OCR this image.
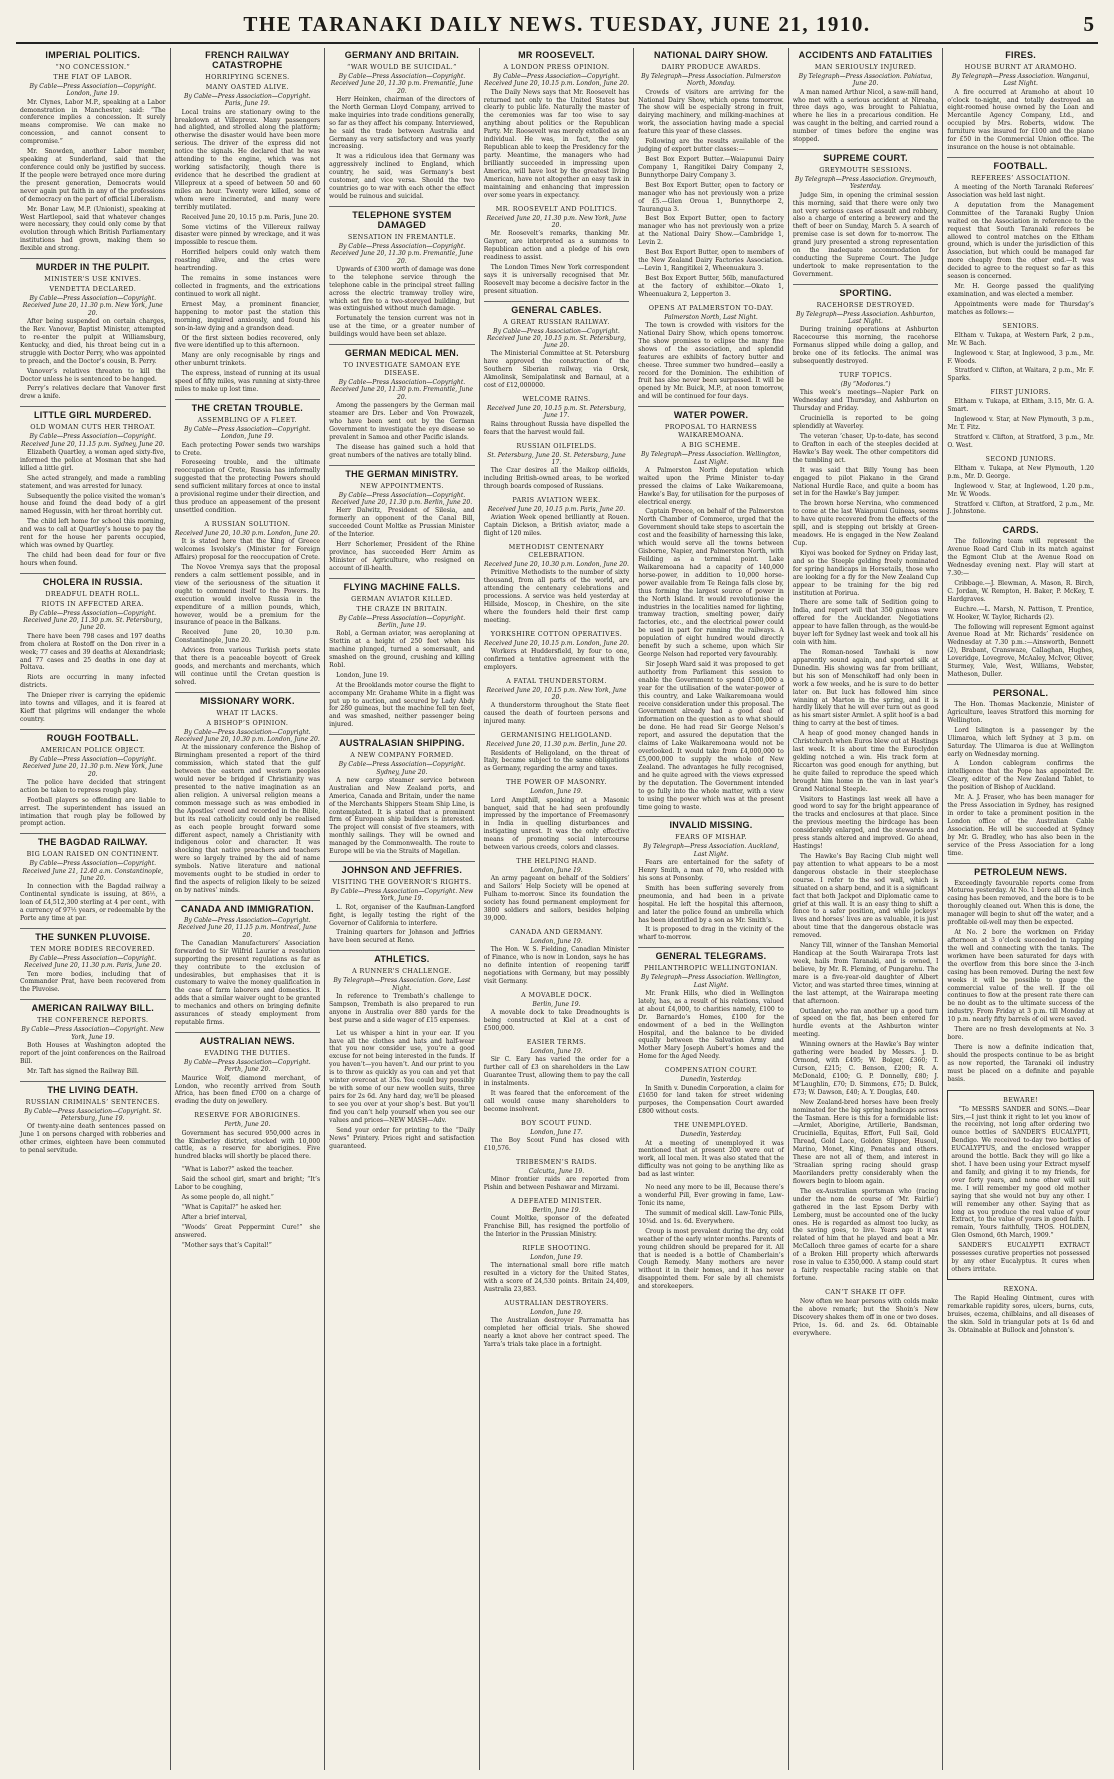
THE TARANAKI DAILY NEWS. TUESDAY, JUNE 21, 1910.	5
IMPERIAL POLITICS.
“NO CONCESSION.”
THE FIAT OF LABOR.
By Cable—Press Association—Copyright. London, June 19.

Mr. Clynes, Labor M.P., speaking at a Labor demonstration in Manchester, said: “The conference implies a concession. It surely means compromise. We can make no concession, and cannot consent to compromise.”

Mr. Snowden, another Labor member, speaking at Sunderland, said that the conference could only be justified by success. If the people were betrayed once more during the present generation, Democrats would never again put faith in any of the professions of democracy on the part of official Liberalism.

Mr. Bonar Law, M.P. (Unionist), speaking at West Hartlepool, said that whatever changes were necessary, they could only come by that evolution through which British Parliamentary institutions had grown, making them so flexible and strong.

MURDER IN THE PULPIT.
MINISTER’S USE KNIVES.
VENDETTA DECLARED.
By Cable—Press Association—Copyright. Received June 20, 11.30 p.m. New York, June 20.

After being suspended on certain charges, the Rev. Vanover, Baptist Minister, attempted to re-enter the pulpit at Williamsburg, Kentucky, and died, his throat being cut in a struggle with Doctor Perry, who was appointed to preach, and the Doctor’s cousin, B. Perry.

Vanover’s relatives threaten to kill the Doctor unless he is sentenced to be hanged.

Perry’s relatives declare that Vanover first drew a knife.

LITTLE GIRL MURDERED.
OLD WOMAN CUTS HER THROAT.
By Cable—Press Association—Copyright. Received June 20, 11.15 p.m. Sydney, June 20.

Elizabeth Quartley, a woman aged sixty-five, informed the police at Mosman that she had killed a little girl.

She acted strangely, and made a rambling statement, and was arrested for lunacy.

Subsequently the police visited the woman’s house and found the dead body of a girl named Hegussin, with her throat horribly cut.

The child left home for school this morning, and was to call at Quartley’s house to pay the rent for the house her parents occupied, which was owned by Quartley.

The child had been dead for four or five hours when found.

CHOLERA IN RUSSIA.
DREADFUL DEATH ROLL.
RIOTS IN AFFECTED AREA.
By Cable—Press Association—Copyright. Received June 20, 11.30 p.m. St. Petersburg, June 20.

There have been 798 cases and 197 deaths from cholera at Rostoff on the Don river in a week; 77 cases and 39 deaths at Alexandriask; and 77 cases and 25 deaths in one day at Poltava.

Riots are occurring in many infected districts.

The Dnieper river is carrying the epidemic into towns and villages, and it is feared at Kieff that pilgrims will endanger the whole country.

ROUGH FOOTBALL.
AMERICAN POLICE OBJECT.
By Cable—Press Association—Copyright. Received June 20, 11.30 p.m. New York, June 20.

The police have decided that stringent action be taken to repress rough play.

Football players so offending are liable to arrest. The superintendent has issued an intimation that rough play be followed by prompt action.

THE BAGDAD RAILWAY.
BIG LOAN RAISED ON CONTINENT.
By Cable—Press Association—Copyright. Received June 21, 12.40 a.m. Constantinople, June 20.

In connection with the Bagdad railway a Continental syndicate is issuing, at 86½, a loan of £4,512,300 sterling at 4 per cent., with a currency of 97½ years, or redeemable by the Porte any time at par.

THE SUNKEN PLUVOISE.
TEN MORE BODIES RECOVERED.
By Cable—Press Association—Copyright. Received June 20, 11.30 p.m. Paris, June 20.

Ten more bodies, including that of Commander Prat, have been recovered from the Pluvoise.

AMERICAN RAILWAY BILL.
THE CONFERENCE REPORTS.
By Cable—Press Association—Copyright. New York, June 19.

Both Houses at Washington adopted the report of the joint conferences on the Railroad Bill.

Mr. Taft has signed the Railway Bill.

THE LIVING DEATH.
RUSSIAN CRIMINALS’ SENTENCES.
By Cable—Press Association—Copyright. St. Petersburg, June 19.

Of twenty-nine death sentences passed on June 1 on persons charged with robberies and other crimes, eighteen have been commuted to penal servitude.

FRENCH RAILWAY CATASTROPHE
HORRIFYING SCENES.
MANY OASTED ALIVE.
By Cable—Press Association—Copyright. Paris, June 19.

Local trains are stationary owing to the breakdown at Villepreux. Many passengers had alighted, and strolled along the platform; otherwise the disaster would have been more serious. The driver of the express did not notice the signals. He declared that he was attending to the engine, which was not working satisfactorily, though there is evidence that he described the gradient at Villepreux at a speed of between 50 and 60 miles an hour. Twenty were killed, some of whom were incinerated, and many were terribly mutilated.

Received June 20, 10.15 p.m. Paris, June 20.

Some victims of the Villereux railway disaster were pinned by wreckage, and it was impossible to rescue them.

Horrified helpers could only watch them roasting alive, and the cries were heartrending.

The remains in some instances were collected in fragments, and the extrications continued to work all night.

Ernest May, a prominent financier, happening to motor past the station this morning, inquired anxiously, and found his son-in-law dying and a grandson dead.

Of the first sixteen bodies recovered, only five were identified up to this afternoon.

Many are only recognisable by rings and other unburnt trinkets.

The express, instead of running at its usual speed of fifty miles, was running at sixty-three miles to make up lost time.

THE CRETAN TROUBLE.
ASSEMBLING OF A FLEET.
By Cable—Press Association—Copyright. London, June 19.

Each protecting Power sends two warships to Crete.

Foreseeing trouble, and the ultimate reoccupation of Crete, Russia has informally suggested that the protecting Powers should send sufficient military forces at once to instal a provisional regime under their direction, and thus produce an appeasement of the present unsettled condition.

A RUSSIAN SOLUTION.
Received June 20, 10.30 p.m. London, June 20.

It is stated here that the King of Greece welcomes Isvolsky’s (Minister for Foreign Affairs) proposal for the reoccupation of Crete.

The Novoe Vremya says that the proposal renders a calm settlement possible, and in view of the seriousness of the situation it ought to commend itself to the Powers. Its execution would involve Russia in the expenditure of a million pounds, which, however, would be a premium for the insurance of peace in the Balkans.

Received June 20, 10.30 p.m. Constantinople, June 20.

Advices from various Turkish ports state that there is a peaceable boycott of Greek goods, and merchants and merchants, which will continue until the Cretan question is solved.

MISSIONARY WORK.
WHAT IT LACKS.
A BISHOP’S OPINION.
By Cable—Press Association—Copyright. Received June 20, 10.30 p.m. London, June 20.

At the missionary conference the Bishop of Birmingham presented a report of the third commission, which stated that the gulf between the eastern and western peoples would never be bridged if Christianity was presented to the native imagination as an alien religion. A universal religion means a common message such as was embodied in the Apostles’ creed and recorded in the Bible, but its real catholicity could only be realised as each people brought forward some different aspect, namely a Christianity with indigenous color and character. It was shocking that native preachers and teachers were so largely trained by the aid of name symbols. Native literature and national movements ought to be studied in order to find the aspects of religion likely to be seized on by natives’ minds.

CANADA AND IMMIGRATION.
By Cable—Press Association—Copyright. Received June 20, 11.15 p.m. Montreal, June 20.

The Canadian Manufacturers’ Association forwarded to Sir Wilfrid Laurier a resolution supporting the present regulations as far as they contribute to the exclusion of undesirables, but emphasises that it is customary to waive the money qualification in the case of farm laborers and domestics. It adds that a similar waiver ought to be granted to mechanics and others on bringing definite assurances of steady employment from reputable firms.

AUSTRALIAN NEWS.
EVADING THE DUTIES.
By Cable—Press Association—Copyright. Perth, June 20.

Maurice Wolf, diamond merchant, of London, who recently arrived from South Africa, has been fined £700 on a charge of evading the duty on jewellery.

RESERVE FOR ABORIGINES.
Perth, June 20.

Government has secured 950,000 acres in the Kimberley district, stocked with 10,000 cattle, as a reserve for aborigines. Five hundred blacks will shortly be placed there.

“What is Labor?” asked the teacher.

Said the school girl, smart and bright; “It’s Labor to be coughing,

As some people do, all night.”

“What is Capital?” he asked her.

After a brief interval,

“Woods’ Great Peppermint Cure!” she answered.

“Mother says that’s Capital!”

GERMANY AND BRITAIN.
“WAR WOULD BE SUICIDAL.”
By Cable—Press Association—Copyright. Received June 20, 11.30 p.m. Fremantle, June 20.

Herr Heinken, chairman of the directors of the North German Lloyd Company, arrived to make inquiries into trade conditions generally, so far as they affect his company. Interviewed, he said the trade between Australia and Germany as very satisfactory and was yearly increasing.

It was a ridiculous idea that Germany was aggressively inclined to England, which country, he said, was Germany’s best customer, and vice versa. Should the two countries go to war with each other the effect would be ruinous and suicidal.

TELEPHONE SYSTEM DAMAGED
SENSATION IN FREMANTLE.
By Cable—Press Association—Copyright. Received June 20, 11.30 p.m. Fremantle, June 20.

Upwards of £300 worth of damage was done to the telephone service through the telephone cable in the principal street falling across the electric tramway trolley wire, which set fire to a two-storeyed building, but was extinguished without much damage.

Fortunately the tension current was not in use at the time, or a greater number of buildings would have been set ablaze.

GERMAN MEDICAL MEN.
TO INVESTIGATE SAMOAN EYE DISEASE.
By Cable—Press Association—Copyright. Received June 20, 11.30 p.m. Fremantle, June 20.

Among the passengers by the German mail steamer are Drs. Leber and Von Prowazek, who have been sent out by the German Government to investigate the eye disease so prevalent in Samoa and other Pacific islands.

The disease has gained such a hold that great numbers of the natives are totally blind.

THE GERMAN MINISTRY.
NEW APPOINTMENTS.
By Cable—Press Association—Copyright. Received June 20, 11.30 p.m. Berlin, June 20.

Herr Dalwitz, President of Silesia, and formerly an opponent of the Canal Bill, succeeded Count Moltke as Prussian Minister of the Interior.

Herr Schorlemer, President of the Rhine province, has succeeded Herr Arnim as Minister of Agriculture, who resigned on account of ill-health.

FLYING MACHINE FALLS.
GERMAN AVIATOR KILLED.
THE CRAZE IN BRITAIN.
By Cable—Press Association—Copyright. Berlin, June 19.

Robl, a German aviator, was aeroplaning at Stettin at a height of 250 feet when his machine plunged, turned a somersault, and smashed on the ground, crushing and killing Robl.

London, June 19.

At the Brooklands motor course the flight to accompany Mr. Grahame White in a flight was put up to auction, and secured by Lady Abdy for 280 guineas, but the machine fell ten feet, and was smashed, neither passenger being injured.

AUSTRALASIAN SHIPPING.
A NEW COMPANY FORMED.
By Cable—Press Association—Copyright. Sydney, June 20.

A new cargo steamer service between Australian and New Zealand ports, and America, Canada and Britain, under the name of the Merchants Shippers Steam Ship Line, is contemplated. It is stated that a prominent firm of European ship builders is interested. The project will consist of five steamers, with monthly sailings. They will be owned and managed by the Commonwealth. The route to Europe will be via the Straits of Magellan.

JOHNSON AND JEFFRIES.
VISITING THE GOVERNOR’S RIGHTS.
By Cable—Press Association—Copyright. New York, June 19.

L. Rot, organiser of the Kaufman-Langford fight, is legally testing the right of the Governor of California to interfere.

Training quarters for Johnson and Jeffries have been secured at Reno.

ATHLETICS.
A RUNNER’S CHALLENGE.
By Telegraph—Press Association. Gore, Last Night.

In reference to Trembath’s challenge to Sampson, Trembath is also prepared to run anyone in Australia over 880 yards for the best purse and a side wager of £15 expenses.

Let us whisper a hint in your ear. If you have all the clothes and hats and half-wear that you now consider use, you’re a good excuse for not being interested in the funds. If you haven’t—you haven’t. And our print to you is to throw as quickly as you can and yet that winter overcoat at 35s. You could buy possibly be with some of our new woollen suits, three pairs for 2s 6d. Any hard day, we’ll be pleased to see you over at your shop’s best. But you’ll find you can’t help yourself when you see our values and prices—NEW MASH—Adv.

Send your order for printing to the “Daily News” Printery. Prices right and satisfaction guaranteed.

MR ROOSEVELT.
A LONDON PRESS OPINION.
By Cable—Press Association—Copyright. Received June 20, 10.15 p.m. London, June 20.

The Daily News says that Mr. Roosevelt has returned not only to the United States but clearly to public life. Naturally the master of the ceremonies was far too wise to say anything about politics or the Republican Party. Mr. Roosevelt was merely extolled as an individual. He was, in fact, the only Republican able to keep the Presidency for the party. Meantime, the managers who had brilliantly succeeded in impressing upon America, will have lost by the greatest living American, have not altogether an easy task in maintaining and enhancing that impression over some years in expectancy.

MR. ROOSEVELT AND POLITICS.
Received June 20, 11.30 p.m. New York, June 20.

Mr. Roosevelt’s remarks, thanking Mr. Gaynor, are interpreted as a summons to Republican action and a pledge of his own readiness to assist.

The London Times New York correspondent says it is universally recognised that Mr. Roosevelt may become a decisive factor in the present situation.

GENERAL CABLES.
A GREAT RUSSIAN RAILWAY.
By Cable—Press Association—Copyright. Received June 20, 10.15 p.m. St. Petersburg, June 20.

The Ministerial Committee at St. Petersburg have approved the construction of the Southern Siberian railway, via Orsk, Akmolinsk, Semipalatinsk and Barnaul, at a cost of £12,000000.

WELCOME RAINS.
Received June 20, 10.15 p.m. St. Petersburg, June 17.

Rains throughout Russia have dispelled the fears that the harvest would fail.

RUSSIAN OILFIELDS.
St. Petersburg, June 20. St. Petersburg, June 17.

The Czar desires all the Maikop oilfields, including British-owned areas, to be worked through boards composed of Russians.

PARIS AVIATION WEEK.
Received June 20, 10.15 p.m. Paris, June 20.

Aviation Week opened brilliantly at Rouen. Captain Dickson, a British aviator, made a flight of 120 miles.

METHODIST CENTENARY CELEBRATION.
Received June 20, 10.30 p.m. London, June 20.

Primitive Methodists to the number of sixty thousand, from all parts of the world, are attending the centenary celebrations and processions. A service was held yesterday at Hillside, Moscop, in Cheshire, on the site where the founders held their first camp meeting.

YORKSHIRE COTTON OPERATIVES.
Received June 20, 10.15 p.m. London, June 20.

Workers at Huddersfield, by four to one, confirmed a tentative agreement with the employers.

A FATAL THUNDERSTORM.
Received June 20, 10.15 p.m. New York, June 20.

A thunderstorm throughout the State fleet caused the death of fourteen persons and injured many.

GERMANISING HELIGOLAND.
Received June 20, 11.30 p.m. Berlin, June 20.

Residents of Heligoland, on the threat of Italy, became subject to the same obligations as Germany, regarding the army and taxes.

THE POWER OF MASONRY.
London, June 19.

Lord Ampthill, speaking at a Masonic banquet, said that he had seen profoundly impressed by the importance of Freemasonry in India in quelling disturbances and instigating unrest. It was the only effective means of promoting social intercourse between various creeds, colors and classes.

THE HELPING HAND.
London, June 19.

An army pageant on behalf of the Soldiers’ and Sailors’ Help Society will be opened at Fulham to-morrow. Since its foundation the society has found permanent employment for 3800 soldiers and sailors, besides helping 39,000.

CANADA AND GERMANY.
London, June 19.

The Hon. W. S. Fielding, Canadian Minister of Finance, who is now in London, says he has no definite intention of reopening tariff negotiations with Germany, but may possibly visit Germany.

A MOVABLE DOCK.
Berlin, June 19.

A movable dock to take Dreadnoughts is being constructed at Kiel at a cost of £500,000.

EASIER TERMS.
London, June 19.

Sir C. Eary has varied the order for a further call of £3 on shareholders in the Law Guarantee Trust, allowing them to pay the call in instalments.

It was feared that the enforcement of the call would cause many shareholders to become insolvent.

BOY SCOUT FUND.
London, June 17.

The Boy Scout Fund has closed with £10,576.

TRIBESMEN’S RAIDS.
Calcutta, June 19.

Minor frontier raids are reported from Pishin and between Peshawar and Mirzami.

A DEFEATED MINISTER.
Berlin, June 19.

Count Moltke, sponsor of the defeated Franchise Bill, has resigned the portfolio of the Interior in the Prussian Ministry.

RIFLE SHOOTING.
London, June 19.

The international small bore rifle match resulted in a victory for the United States, with a score of 24,530 points. Britain 24,409, Australia 23,883.

AUSTRALIAN DESTROYERS.
London, June 19.

The Australian destroyer Parramatta has completed her official trials. She showed nearly a knot above her contract speed. The Yarra’s trials take place in a fortnight.

NATIONAL DAIRY SHOW.
DAIRY PRODUCE AWARDS.
By Telegraph—Press Association. Palmerston North, Monday.

Crowds of visitors are arriving for the National Dairy Show, which opens tomorrow. The show will be especially strong in fruit, dairying machinery, and milking-machines at work, the association having made a special feature this year of these classes.

Following are the results available of the judging of export butter classes:—

Best Box Export Butter.—Waiapunui Dairy Company 1, Rangitikei Dairy Company 2, Bunnythorpe Dairy Company 3.

Best Box Export Butter, open to factory or manager who has not previously won a prize of £5.—Glen Oroua 1, Bunnythorpe 2, Taurangua 3.

Best Box Export Butter, open to factory manager who has not previously won a prize at the National Dairy Show.—Cambridge 1, Levin 2.

Best Box Export Butter, open to members of the New Zealand Dairy Factories Association.—Levin 1, Rangitikei 2, Wheenuakura 3.

Best Box Export Butter, 56lb, manufactured at the factory of exhibitor.—Okato 1, Wheenuakura 2, Lepperton 3.

OPENS AT PALMERSTON TO-DAY.
Palmerston North, Last Night.

The town is crowded with visitors for the National Dairy Show, which opens tomorrow. The show promises to eclipse the many fine shows of the association, and splendid features are exhibits of factory butter and cheese. Three summer two hundred—easily a record for the Dominion. The exhibition of fruit has also never been surpassed. It will be opened by Mr. Buick, M.P., at noon tomorrow, and will be continued for four days.

WATER POWER.
PROPOSAL TO HARNESS WAIKAREMOANA.
A BIG SCHEME.
By Telegraph—Press Association. Wellington, Last Night.

A Palmerston North deputation which waited upon the Prime Minister to-day pressed the claims of Lake Waikaremoana, Hawke’s Bay, for utilisation for the purposes of electrical energy.

Captain Preece, on behalf of the Palmerston North Chamber of Commerce, urged that the Government should take steps to ascertain the cost and the feasibility of harnessing this lake, which would serve all the towns between Gisborne, Napier, and Palmerston North, with Feilding as a terminal point. Lake Waikaremoana had a capacity of 140,000 horse-power, in addition to 10,000 horse-power available from Te Reinga falls close by, thus forming the largest source of power in the North Island. It would revolutionise the industries in the localities named for lighting, tramway traction, smelting power, dairy factories, etc., and the electrical power could be used in part for running the railways. A population of eight hundred would directly benefit by such a scheme, upon which Sir George Nelson had reported very favourably.

Sir Joseph Ward said it was proposed to get authority from Parliament this session to enable the Government to spend £500,000 a year for the utilisation of the water-power of this country, and Lake Waikaremoana would receive consideration under this proposal. The Government already had a good deal of information on the question as to what should be done. He had read Sir George Nelson’s report, and assured the deputation that the claims of Lake Waikaremoana would not be overlooked. It would take from £4,000,000 to £5,000,000 to supply the whole of New Zealand. The advantages he fully recognised, and he quite agreed with the views expressed by the deputation. The Government intended to go fully into the whole matter, with a view to using the power which was at the present time going to waste.

INVALID MISSING.
FEARS OF MISHAP.
By Telegraph—Press Association. Auckland, Last Night.

Fears are entertained for the safety of Henry Smith, a man of 70, who resided with his sons at Ponsonby.

Smith has been suffering severely from pneumonia, and had been in a private hospital. He left the hospital this afternoon, and later the police found an umbrella which has been identified by a son as Mr. Smith’s.

It is proposed to drag in the vicinity of the wharf to-morrow.

GENERAL TELEGRAMS.
PHILANTHROPIC WELLINGTONIAN.
By Telegraph—Press Association. Wellington, Last Night.

Mr. Frank Hills, who died in Wellington lately, has, as a result of his relations, valued at about £4,000, to charities namely, £100 to Dr. Barnardo’s Homes, £100 for the endowment of a bed in the Wellington Hospital, and the balance to be divided equally between the Salvation Army and Mother Mary Joseph Aubert’s homes and the Home for the Aged Needy.

COMPENSATION COURT.
Dunedin, Yesterday.

In Smith v. Dunedin Corporation, a claim for £1650 for land taken for street widening purposes, the Compensation Court awarded £800 without costs.

THE UNEMPLOYED.
Dunedin, Yesterday.

At a meeting of unemployed it was mentioned that at present 200 were out of work, all local men. It was also stated that the difficulty was not going to be anything like as bad as last winter.

No need any more to be ill, Because there’s a wonderful Pill, Ever growing in fame, Law-Tonic its name,

The summit of medical skill. Law-Tonic Pills, 10¼d. and 1s. 6d. Everywhere.

Croup is most prevalent during the dry, cold weather of the early winter months. Parents of young children should be prepared for it. All that is needed is a bottle of Chamberlain’s Cough Remedy. Many mothers are never without it in their homes, and it has never disappointed them. For sale by all chemists and storekeepers.

ACCIDENTS AND FATALITIES
MAN SERIOUSLY INJURED.
By Telegraph—Press Association. Pahiatua, June 20.

A man named Arthur Nicol, a saw-mill hand, who met with a serious accident at Nireaha, three days ago, was brought to Pahiatua, where he lies in a precarious condition. He was caught in the belting, and carried round a number of times before the engine was stopped.

SUPREME COURT.
GREYMOUTH SESSIONS.
By Telegraph—Press Association. Greymouth, Yesterday.

Judge Sim, in opening the criminal session this morning, said that there were only two not very serious cases of assault and robbery, also a charge of entering a brewery and the theft of beer on Sunday, March 5. A search of premise case is set down for to-morrow. The grand jury presented a strong representation on the inadequate accommodation for conducting the Supreme Court. The Judge undertook to make representation to the Government.

SPORTING.
RACEHORSE DESTROYED.
By Telegraph—Press Association. Ashburton, Last Night.

During training operations at Ashburton Racecourse this morning, the racehorse Formanus slipped while doing a gallop, and broke one of its fetlocks. The animal was subsequently destroyed.

TURF TOPICS.
(By “Modoras.”)

This week’s meetings—Napier Park on Wednesday and Thursday, and Ashburton on Thursday and Friday.

Cruciniella is reported to be going splendidly at Waverley.

The veteran ’chaser, Up-to-date, has second to Grafton in each of the steeples decided at Hawke’s Bay week. The other competitors did the tumbling act.

It was said that Billy Young has been engaged to pilot Piakano in the Grand National Hurdle Race, and quite a boom has set in for the Hawke’s Bay jumper.

The brown horse Nervina, who commenced to come at the last Waiapunui Guineas, seems to have quite recovered from the effects of the spill, and is stepping out briskly at Green-meadows. He is engaged in the New Zealand Cup.

Kiyoi was booked for Sydney on Friday last, and so the Steeple gelding freely nominated for spring handicaps in Horsetails, those who are looking for a fly for the New Zealand Cup appear to be training for the big red institution at Porirua.

There are some talk of Sedition going to India, and report will that 350 guineas were offered for the Aucklander. Negotiations appear to have fallen through, as the would-be buyer left for Sydney last week and took all his coin with him.

The Roman-nosed Tawhaki is now apparently sound again, and sported silk at Dunedin. His showing was far from brilliant, but his son of Menschikoff had only been in work a few weeks, and he is sure to do better later on. But luck has followed him since winning at Marton in the spring, and it is hardly likely that he will ever turn out as good as his smart sister Armlet. A split hoof is a bad thing to carry at the best of times.

A heap of good money changed hands in Christchurch when Euros blew out at Hastings last week. It is about time the Euroclydon gelding notched a win. His track form at Riccarton was good enough for anything, but he quite failed to reproduce the speed which brought him home in the van in last year’s Grand National Steeple.

Visitors to Hastings last week all have a good word to say for the bright appearance of the tracks and enclosures at that place. Since the previous meeting the birdcage has been considerably enlarged, and the stewards and press stands altered and improved. Go ahead, Hastings!

The Hawke’s Bay Racing Club might well pay attention to what appears to be a most dangerous obstacle in their steeplechase course. I refer to the sod wall, which is situated on a sharp bend, and it is a significant fact that both Jackpot and Diplomatic came to grief at this wall. It is an easy thing to shift a fence to a safer position, and while jockeys’ lives and horses’ lives are as valuable, it is just about time that the dangerous obstacle was removed.

Nancy Till, winner of the Tanshan Memorial Handicap at the South Wairarapa Trots last week, hails from Taranaki, and is owned, I believe, by Mr. R. Fleming, of Pungarehu. The mare is a five-year-old daughter of Albert Victor, and was started three times, winning at the last attempt, at the Wairarapa meeting that afternoon.

Outlander, who ran another up a good turn of speed on the flat, has been entered for hurdle events at the Ashburton winter meeting.

Winning owners at the Hawke’s Bay winter gathering were headed by Messrs. J. D. Ormond, with £495; W. Bolger, £360; T. Curson, £215; C. Benson, £200; R. A. McDonald, £100; G. P. Donnelly, £80; J. M’Laughlin, £70; D. Simmons, £75; D. Bulck, £73; W. Dawson, £40; A. Y. Douglas, £40.

New Zealand-bred horses have been freely nominated for the big spring handicaps across the Tasman. Here is this for a formidable list:—Armlet, Aborigine, Artillerie, Bandsman, Cruciniella, Equitas, Effort, Full Sail, Gold Thread, Gold Lace, Golden Slipper, Husoul, Marino, Monet, King, Penates and others. These are not all of them, and interest in ‘Straalian spring racing should grasp Maorilanders pretty considerably when the flowers begin to bloom again.

The ex-Australian sportsman who (racing under the nom de course of ‘Mr. Fairlie’) gathered in the last Epsom Derby with Lemberg, must be accounted one of the lucky ones. He is regarded as almost too lucky, as the saving goes, to live. Years ago it was related of him that he played and beat a Mr. McCalloch three games of ecarte for a share of a Broken Hill property which afterwards rose in value to £350,000. A stamp could start a fairly respectable racing stable on that fortune.

CAN’T SHAKE IT OFF.

Now often we hear persons with colds make the above remark; but the Shoin’s New Discovery shakes them off in one or two doses. Price, 1s. 6d. and 2s. 6d. Obtainable everywhere.

FIRES.
HOUSE BURNT AT ARAMOHO.
By Telegraph—Press Association. Wanganui, Last Night.

A fire occurred at Aramoho at about 10 o’clock to-night, and totally destroyed an eight-roomed house owned by the Loan and Mercantile Agency Company, Ltd., and occupied by Mrs. Roberts, widow. The furniture was insured for £100 and the piano for £50 in the Commercial Union office. The insurance on the house is not obtainable.

FOOTBALL.
REFEREES’ ASSOCIATION.

A meeting of the North Taranaki Referees’ Association was held last night.

A deputation from the Management Committee of the Taranaki Rugby Union waited on the Association in reference to the request that South Taranaki referees be allowed to control matches on the Eltham ground, which is under the jurisdiction of this Association, but which could be managed far more cheaply from the other end.—It was decided to agree to the request so far as this season is concerned.

Mr. H. George passed the qualifying examination, and was elected a member.

Appointments were made for Thursday’s matches as follows:—

SENIORS.

Eltham v. Tukapa, at Western Park, 2 p.m., Mr. W. Bach.

Inglewood v. Star, at Inglewood, 3 p.m., Mr. F. Woods.

Stratford v. Clifton, at Waitara, 2 p.m., Mr. F. Sparks.

FIRST JUNIORS.

Eltham v. Tukapa, at Eltham, 3.15, Mr. G. A. Smart.

Inglewood v. Star, at New Plymouth, 3 p.m., Mr. T. Fitz.

Stratford v. Clifton, at Stratford, 3 p.m., Mr. O. West.

SECOND JUNIORS.

Eltham v. Tukapa, at New Plymouth, 1.20 p.m., Mr. D. George.

Inglewood v. Star, at Inglewood, 1.20 p.m., Mr. W. Woods.

Stratford v. Clifton, at Stratford, 2 p.m., Mr. J. Johnstone.

CARDS.

The following team will represent the Avenue Road Card Club in its match against the Egmont Club at the Avenue Road on Wednesday evening next. Play will start at 7.30:—

Cribbage.—J. Blewman, A. Mason, R. Birch, C. Jordan, W. Rempton, H. Baker, P. McKey, T. Hardgraves.

Euchre.—L. Marsh, N. Pattison, T. Prentice, W. Hooker, W. Taylor, Richards (2).

The following will represent Egmont against Avenue Road at Mr. Richards’ residence on Wednesday at 7.30 p.m.:—Ainsworth, Bennett (2), Brabant, Cranswaze, Callaghan, Hughes, Loveridge, Lovegrove, McAaley, McIvor, Oliver, Sturmey, Vale, West, Williams, Webster, Matheson, Duller.

PERSONAL.

The Hon. Thomas Mackenzie, Minister of Agriculture, leaves Stratford this morning for Wellington.

Lord Islington is a passenger by the Ulimaroa, which left Sydney at 3 p.m. on Saturday. The Ulimaroa is due at Wellington early on Wednesday morning.

A London cablegram confirms the intelligence that the Pope has appointed Dr. Cleary, editor of the New Zealand Tablet, to the position of Bishop of Auckland.

Mr. A. J. Fraser, who has been manager for the Press Association in Sydney, has resigned in order to take a prominent position in the London office of the Australian Cable Association. He will be succeeded at Sydney by Mr. G. Bradley, who has also been in the service of the Press Association for a long time.

PETROLEUM NEWS.

Exceedingly favourable reports come from Moturoa yesterday. At No. 1 bore all the 6-inch casing has been removed, and the bore is to be thoroughly cleaned out. When this is done, the manager will begin to shut off the water, and a profitable oil-well may then be expected.

At No. 2 bore the workmen on Friday afternoon at 3 o’clock succeeded in tapping the well and connecting with the tanks. The workmen have been saturated for days with the overflow from this bore since the 3-inch casing has been removed. During the next few weeks it will be possible to gauge the commercial value of the well. If the oil continues to flow at the present rate there can be no doubt as to the ultimate success of the industry. From Friday at 3 p.m. till Monday at 10 p.m. nearly fifty barrels of oil were saved.

There are no fresh developments at No. 3 bore.

There is now a definite indication that, should the prospects continue to be as bright as now reported, the Taranaki oil industry must be placed on a definite and payable basis.

BEWARE!

“To MESSRS SANDER and SONS.—Dear Sirs,—I just think it right to let you know of the receiving, not long after ordering two ounce bottles of SANDER’S EUCALYPTI, Bendigo. We received to-day two bottles of EUCALYPTUS, and the enclosed wrapper around the bottle. Back they will go like a shot. I have been using your Extract myself and family, and giving it to my friends, for over forty years, and none other will suit me. I will remember my good old mother saying that she would not buy any other. I will remember any other. Saying that as long as you produce the real value of your Extract, to the value of yours in good faith. I remain, Yours faithfully, THOS. HOLDEN, Glen Osmond, 6th March, 1909.”

SANDER’S EUCALYPTI EXTRACT possesses curative properties not possessed by any other Eucalyptus. It cures when others irritate.

REXONA.

The Rapid Healing Ointment, cures with remarkable rapidity sores, ulcers, burns, cuts, bruises, eczema, chilblains, and all diseases of the skin. Sold in triangular pots at 1s 6d and 3s. Obtainable at Bullock and Johnston’s.
